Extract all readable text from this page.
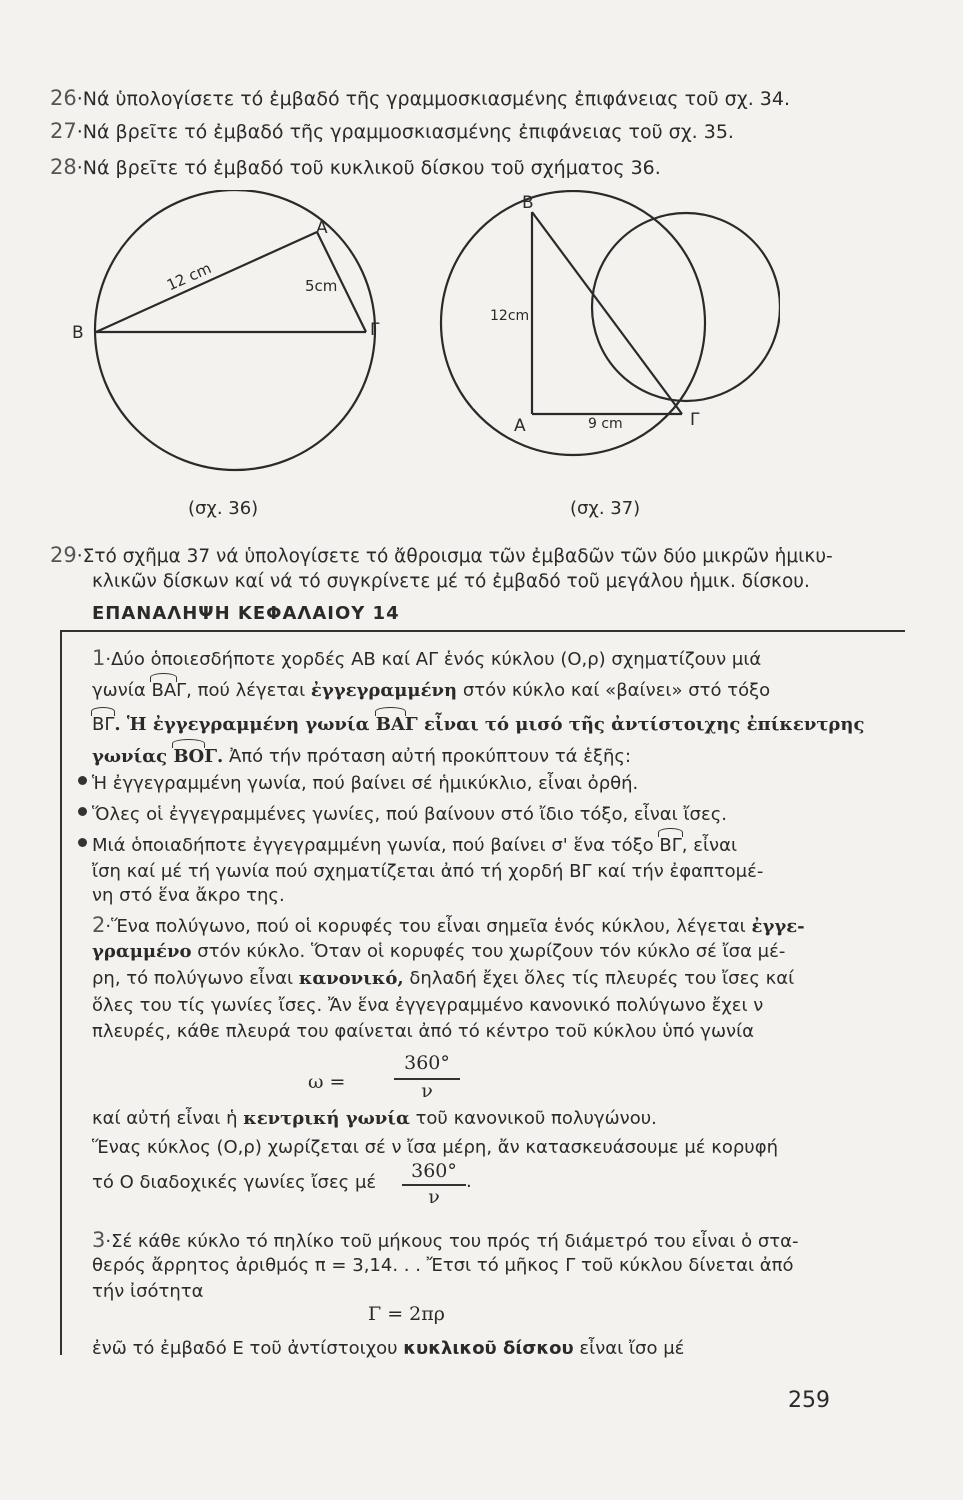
26·Νά ὑπολογίσετε τό ἐμβαδό τῆς γραμμοσκιασμένης ἐπιφάνειας τοῦ σχ. 34.
27·Νά βρεῖτε τό ἐμβαδό τῆς γραμμοσκιασμένης ἐπιφάνειας τοῦ σχ. 35.
28·Νά βρεῖτε τό ἐμβαδό τοῦ κυκλικοῦ δίσκου τοῦ σχήματος 36.
A
B	Γ
12 cm	5cm
(σχ. 36)
B
A	Γ
12cm
9 cm
(σχ. 37)
29·Στό σχῆμα 37 νά ὑπολογίσετε τό ἄθροισμα τῶν ἐμβαδῶν τῶν δύο μικρῶν ἡμικυ-
κλικῶν δίσκων καί νά τό συγκρίνετε μέ τό ἐμβαδό τοῦ μεγάλου ἡμικ. δίσκου.
ΕΠΑΝΑΛΗΨΗ ΚΕΦΑΛΑΙΟΥ 14
1·Δύο ὁποιεσδήποτε χορδές ΑΒ καί ΑΓ ἑνός κύκλου (Ο,ρ) σχηματίζουν μιά
γωνία ΒΑΓ, πού λέγεται ἐγγεγραμμένη στόν κύκλο καί «βαίνει» στό τόξο
ΒΓ. Ἡ ἐγγεγραμμένη γωνία ΒΑΓ εἶναι τό μισό τῆς ἀντίστοιχης ἐπίκεντρης
γωνίας ΒΟΓ. Ἀπό τήν πρόταση αὐτή προκύπτουν τά ἑξῆς:
Ἡ ἐγγεγραμμένη γωνία, πού βαίνει σέ ἡμικύκλιο, εἶναι ὀρθή.
Ὅλες οἱ ἐγγεγραμμένες γωνίες, πού βαίνουν στό ἴδιο τόξο, εἶναι ἴσες.
Μιά ὁποιαδήποτε ἐγγεγραμμένη γωνία, πού βαίνει σ' ἕνα τόξο ΒΓ, εἶναι
ἴση καί μέ τή γωνία πού σχηματίζεται ἀπό τή χορδή ΒΓ καί τήν ἐφαπτομέ-
νη στό ἕνα ἄκρο της.
2·Ἕνα πολύγωνο, πού οἱ κορυφές του εἶναι σημεῖα ἑνός κύκλου, λέγεται ἐγγε-
γραμμένο στόν κύκλο. Ὅταν οἱ κορυφές του χωρίζουν τόν κύκλο σέ ἴσα μέ-
ρη, τό πολύγωνο εἶναι κανονικό, δηλαδή ἔχει ὅλες τίς πλευρές του ἴσες καί
ὅλες του τίς γωνίες ἴσες. Ἄν ἕνα ἐγγεγραμμένο κανονικό πολύγωνο ἔχει ν
πλευρές, κάθε πλευρά του φαίνεται ἀπό τό κέντρο τοῦ κύκλου ὑπό γωνία
ω =
360°
ν
καί αὐτή εἶναι ἡ κεντρική γωνία τοῦ κανονικοῦ πολυγώνου.
Ἕνας κύκλος (Ο,ρ) χωρίζεται σέ ν ἴσα μέρη, ἄν κατασκευάσουμε μέ κορυφή
τό Ο διαδοχικές γωνίες ἴσες μέ
360°
ν
.
3·Σέ κάθε κύκλο τό πηλίκο τοῦ μήκους του πρός τή διάμετρό του εἶναι ὁ στα-
θερός ἄρρητος ἀριθμός π = 3,14. . . Ἔτσι τό μῆκος Γ τοῦ κύκλου δίνεται ἀπό
τήν ἰσότητα
Γ = 2πρ
ἐνῶ τό ἐμβαδό Ε τοῦ ἀντίστοιχου κυκλικοῦ δίσκου εἶναι ἴσο μέ
259
